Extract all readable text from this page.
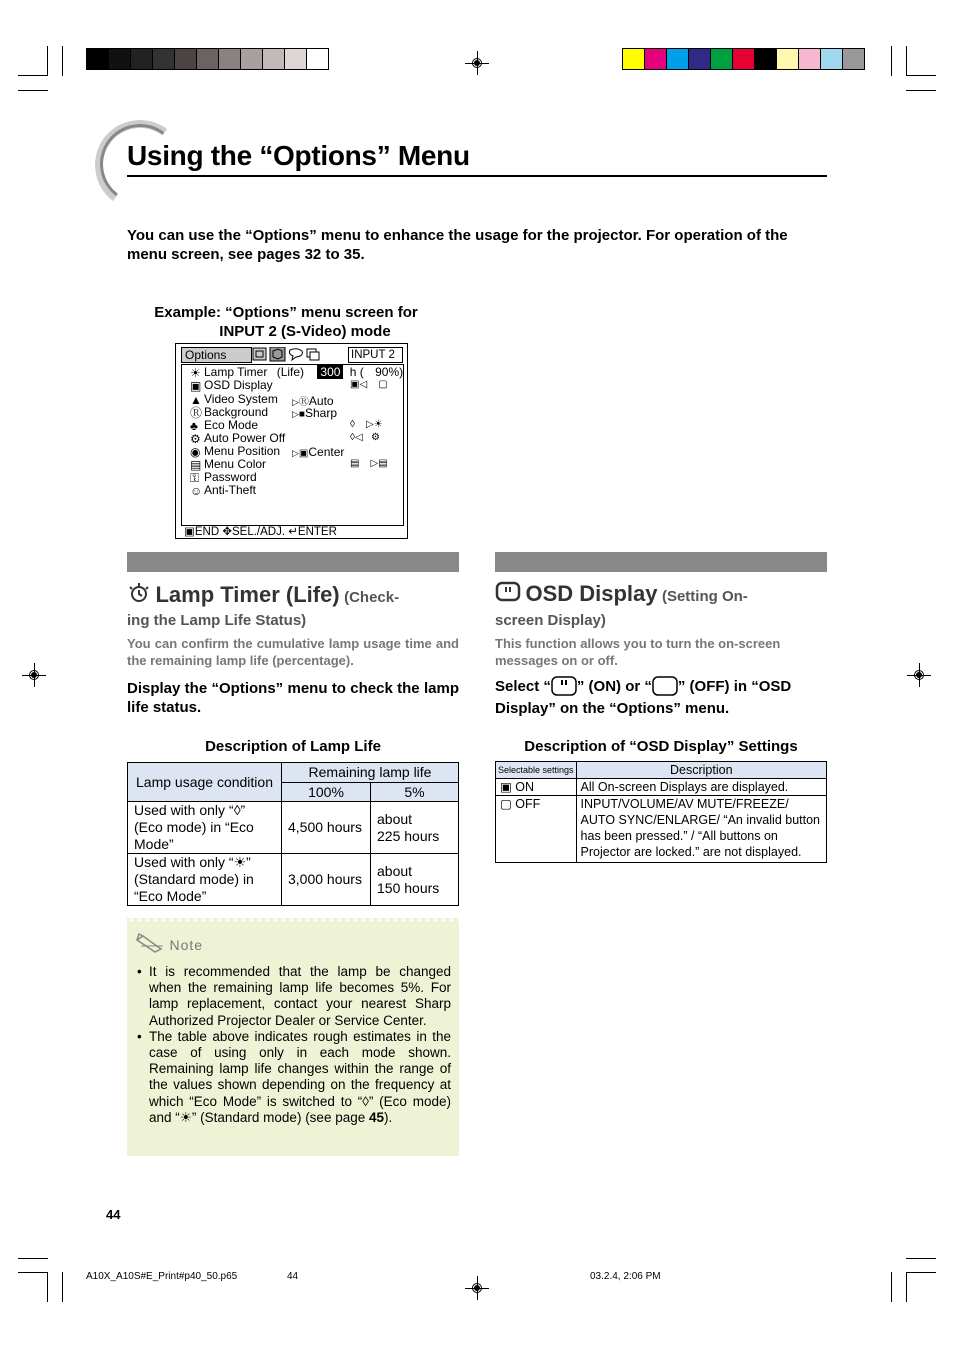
Using the “Options” Menu
You can use the “Options” menu to enhance the usage for the projector. For operation of the menu screen, see pages 32 to 35.
Example: “Options” menu screen for
INPUT 2 (S-Video) mode
Options	INPUT 2
☀ Lamp Timer (Life) 300 h ( 90%)
▣ OSD Display
▲ Video System
Ⓡ Background
♣ Eco Mode
⚙ Auto Power Off
◉ Menu Position
▤ Menu Color
⚿ Password
☺ Anti-Theft
▣◁    ▢
▷ⓇAuto
▷■Sharp
◊    ▷☀
◊◁   ⚙
▷▣Center
▤    ▷▤
▣END ✥SEL./ADJ. ↵ENTER
Lamp Timer (Life) (Check-
ing the Lamp Life Status)
You can confirm the cumulative lamp usage time and the remaining lamp life (percentage).
Display the “Options” menu to check the lamp life status.
Description of Lamp Life
Lamp usage condition	Remaining lamp life	
	100%	5%
Used with only “◊” (Eco mode) in “Eco Mode”	4,500 hours	about
225 hours

Used with only “☀” (Standard mode) in “Eco Mode”	3,000 hours	about
150 hours
Note
• It is recommended that the lamp be changed when the remaining lamp life becomes 5%. For lamp replacement, contact your nearest Sharp Authorized Projector Dealer or Service Center.
• The table above indicates rough estimates in the case of using only in each mode shown. Remaining lamp life changes within the range of the values shown depending on the frequency at which “Eco Mode” is switched to “◊” (Eco mode) and “☀” (Standard mode) (see page 45).
OSD Display (Setting On-
screen Display)
This function allows you to turn the on-screen messages on or off.
Select “ ” (ON) or “ ” (OFF) in “OSD Display” on the “Options” menu.
Description of “OSD Display” Settings
Selectable settings	Description
▣ ON	All On-screen Displays are displayed.
▢ OFF	INPUT/VOLUME/AV MUTE/FREEZE/ AUTO SYNC/ENLARGE/ “An invalid button has been pressed.” / “All buttons on Projector are locked.” are not displayed.
44
A10X_A10S#E_Print#p40_50.p65	44	03.2.4, 2:06 PM
